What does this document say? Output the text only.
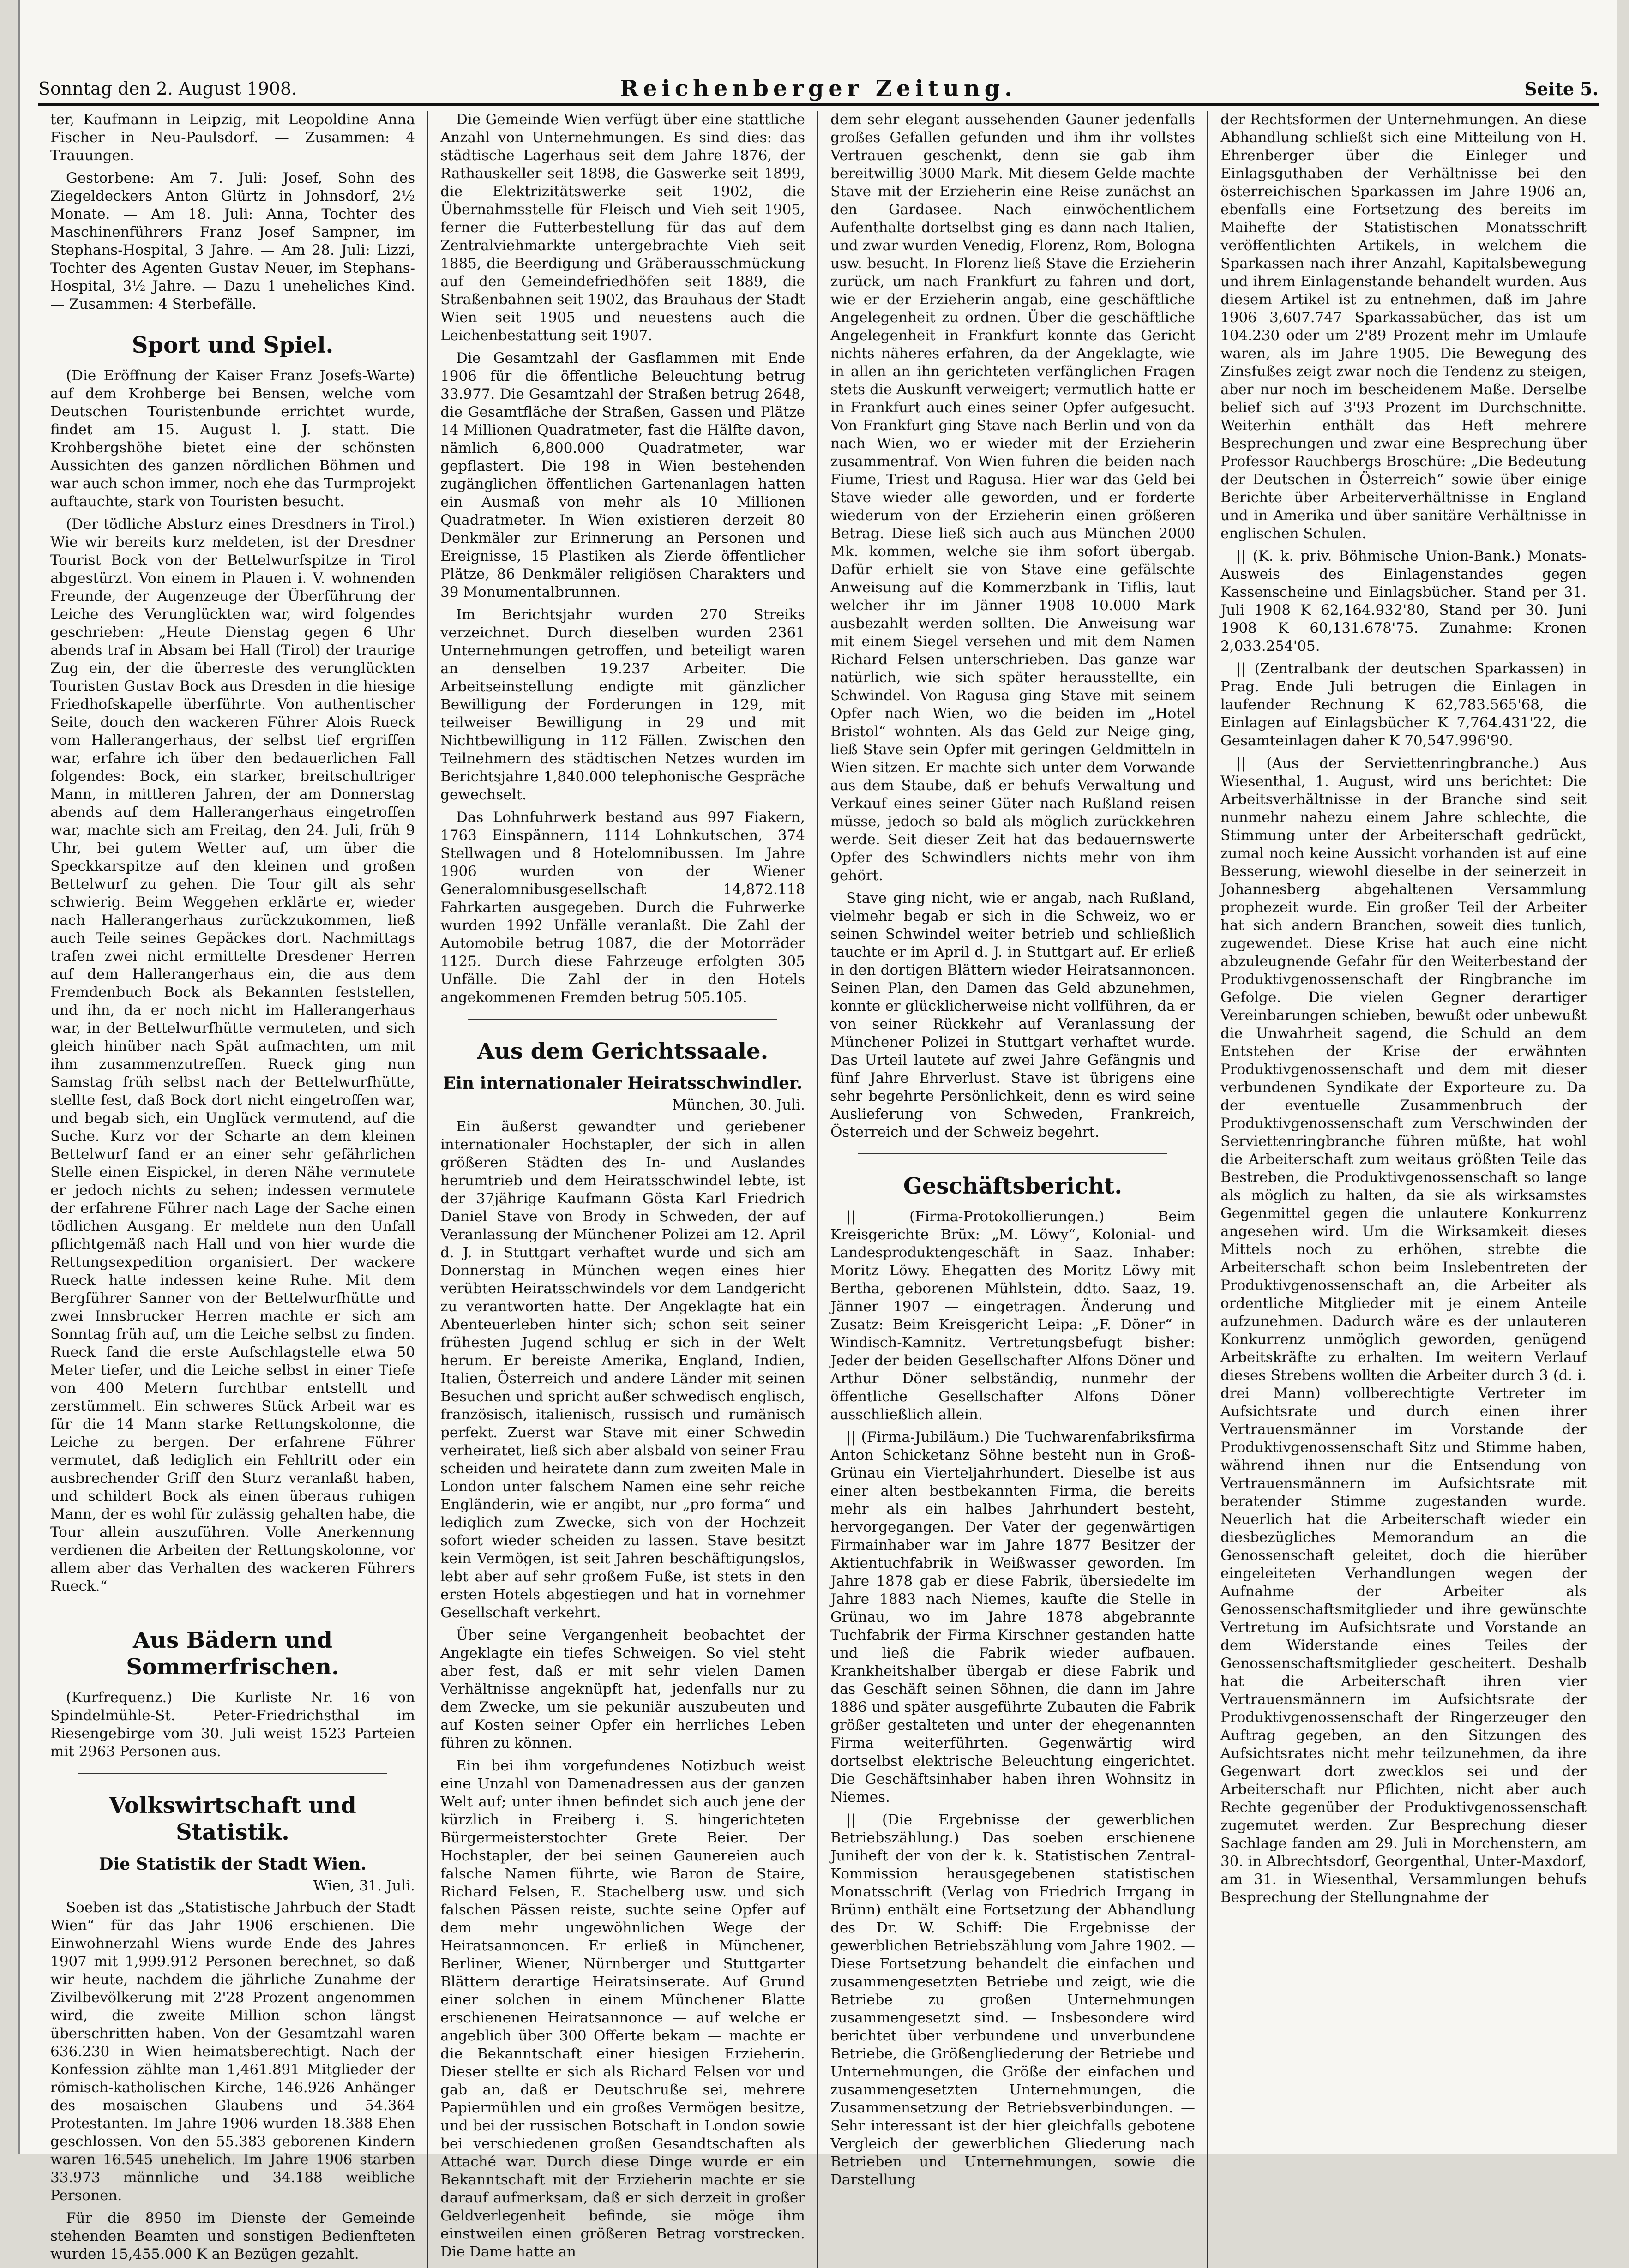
Sonntag den 2. August 1908.	Reichenberger Zeitung.	Seite 5.

ter, Kaufmann in Leipzig, mit Leopoldine Anna Fischer in Neu-Paulsdorf. — Zusammen: 4 Trauungen.

Gestorbene: Am 7. Juli: Josef, Sohn des Ziegeldeckers Anton Glürtz in Johnsdorf, 2½ Monate. — Am 18. Juli: Anna, Tochter des Maschinenführers Franz Josef Sampner, im Stephans-Hospital, 3 Jahre. — Am 28. Juli: Lizzi, Tochter des Agenten Gustav Neuer, im Stephans-Hospital, 3½ Jahre. — Dazu 1 uneheliches Kind. — Zusammen: 4 Sterbefälle.

Sport und Spiel.

(Die Eröffnung der Kaiser Franz Josefs-Warte) auf dem Krohberge bei Bensen, welche vom Deutschen Touristenbunde errichtet wurde, findet am 15. August l. J. statt. Die Krohbergshöhe bietet eine der schönsten Aussichten des ganzen nördlichen Böhmen und war auch schon immer, noch ehe das Turmprojekt auftauchte, stark von Touristen besucht.

(Der tödliche Absturz eines Dresdners in Tirol.) Wie wir bereits kurz meldeten, ist der Dresdner Tourist Bock von der Bettelwurfspitze in Tirol abgestürzt. Von einem in Plauen i. V. wohnenden Freunde, der Augenzeuge der Überführung der Leiche des Verunglückten war, wird folgendes geschrieben: „Heute Dienstag gegen 6 Uhr abends traf in Absam bei Hall (Tirol) der traurige Zug ein, der die überreste des verunglückten Touristen Gustav Bock aus Dresden in die hiesige Friedhofskapelle überführte. Von authentischer Seite, douch den wackeren Führer Alois Rueck vom Hallerangerhaus, der selbst tief ergriffen war, erfahre ich über den bedauerlichen Fall folgendes: Bock, ein starker, breitschultriger Mann, in mittleren Jahren, der am Donnerstag abends auf dem Hallerangerhaus eingetroffen war, machte sich am Freitag, den 24. Juli, früh 9 Uhr, bei gutem Wetter auf, um über die Speckkarspitze auf den kleinen und großen Bettelwurf zu gehen. Die Tour gilt als sehr schwierig. Beim Weggehen erklärte er, wieder nach Hallerangerhaus zurückzukommen, ließ auch Teile seines Gepäckes dort. Nachmittags trafen zwei nicht ermittelte Dresdener Herren auf dem Hallerangerhaus ein, die aus dem Fremdenbuch Bock als Bekannten feststellen, und ihn, da er noch nicht im Hallerangerhaus war, in der Bettelwurfhütte vermuteten, und sich gleich hinüber nach Spät aufmachten, um mit ihm zusammenzutreffen. Rueck ging nun Samstag früh selbst nach der Bettelwurfhütte, stellte fest, daß Bock dort nicht eingetroffen war, und begab sich, ein Unglück vermutend, auf die Suche. Kurz vor der Scharte an dem kleinen Bettelwurf fand er an einer sehr gefährlichen Stelle einen Eispickel, in deren Nähe vermutete er jedoch nichts zu sehen; indessen vermutete der erfahrene Führer nach Lage der Sache einen tödlichen Ausgang. Er meldete nun den Unfall pflichtgemäß nach Hall und von hier wurde die Rettungsexpedition organisiert. Der wackere Rueck hatte indessen keine Ruhe. Mit dem Bergführer Sanner von der Bettelwurfhütte und zwei Innsbrucker Herren machte er sich am Sonntag früh auf, um die Leiche selbst zu finden. Rueck fand die erste Aufschlagstelle etwa 50 Meter tiefer, und die Leiche selbst in einer Tiefe von 400 Metern furchtbar entstellt und zerstümmelt. Ein schweres Stück Arbeit war es für die 14 Mann starke Rettungskolonne, die Leiche zu bergen. Der erfahrene Führer vermutet, daß lediglich ein Fehltritt oder ein ausbrechender Griff den Sturz veranlaßt haben, und schildert Bock als einen überaus ruhigen Mann, der es wohl für zulässig gehalten habe, die Tour allein auszuführen. Volle Anerkennung verdienen die Arbeiten der Rettungskolonne, vor allem aber das Verhalten des wackeren Führers Rueck.“

Aus Bädern und Sommerfrischen.

(Kurfrequenz.) Die Kurliste Nr. 16 von Spindelmühle-St. Peter-Friedrichsthal im Riesengebirge vom 30. Juli weist 1523 Parteien mit 2963 Personen aus.

Volkswirtschaft und Statistik.
Die Statistik der Stadt Wien.
Wien, 31. Juli.

Soeben ist das „Statistische Jahrbuch der Stadt Wien“ für das Jahr 1906 erschienen. Die Einwohnerzahl Wiens wurde Ende des Jahres 1907 mit 1,999.912 Personen berechnet, so daß wir heute, nachdem die jährliche Zunahme der Zivilbevölkerung mit 2'28 Prozent angenommen wird, die zweite Million schon längst überschritten haben. Von der Gesamtzahl waren 636.230 in Wien heimatsberechtigt. Nach der Konfession zählte man 1,461.891 Mitglieder der römisch-katholischen Kirche, 146.926 Anhänger des mosaischen Glaubens und 54.364 Protestanten. Im Jahre 1906 wurden 18.388 Ehen geschlossen. Von den 55.383 geborenen Kindern waren 16.545 unehelich. Im Jahre 1906 starben 33.973 männliche und 34.188 weibliche Personen.

Für die 8950 im Dienste der Gemeinde stehenden Beamten und sonstigen Bedienfteten wurden 15,455.000 K an Bezügen gezahlt.

Die Gemeinde Wien verfügt über eine stattliche Anzahl von Unternehmungen. Es sind dies: das städtische Lagerhaus seit dem Jahre 1876, der Rathauskeller seit 1898, die Gaswerke seit 1899, die Elektrizitätswerke seit 1902, die Übernahmsstelle für Fleisch und Vieh seit 1905, ferner die Futterbestellung für das auf dem Zentralviehmarkte untergebrachte Vieh seit 1885, die Beerdigung und Gräberausschmückung auf den Gemeindefriedhöfen seit 1889, die Straßenbahnen seit 1902, das Brauhaus der Stadt Wien seit 1905 und neuestens auch die Leichenbestattung seit 1907.

Die Gesamtzahl der Gasflammen mit Ende 1906 für die öffentliche Beleuchtung betrug 33.977. Die Gesamtzahl der Straßen betrug 2648, die Gesamtfläche der Straßen, Gassen und Plätze 14 Millionen Quadratmeter, fast die Hälfte davon, nämlich 6,800.000 Quadratmeter, war gepflastert. Die 198 in Wien bestehenden zugänglichen öffentlichen Gartenanlagen hatten ein Ausmaß von mehr als 10 Millionen Quadratmeter. In Wien existieren derzeit 80 Denkmäler zur Erinnerung an Personen und Ereignisse, 15 Plastiken als Zierde öffentlicher Plätze, 86 Denkmäler religiösen Charakters und 39 Monumentalbrunnen.

Im Berichtsjahr wurden 270 Streiks verzeichnet. Durch dieselben wurden 2361 Unternehmungen getroffen, und beteiligt waren an denselben 19.237 Arbeiter. Die Arbeitseinstellung endigte mit gänzlicher Bewilligung der Forderungen in 129, mit teilweiser Bewilligung in 29 und mit Nichtbewilligung in 112 Fällen. Zwischen den Teilnehmern des städtischen Netzes wurden im Berichtsjahre 1,840.000 telephonische Gespräche gewechselt.

Das Lohnfuhrwerk bestand aus 997 Fiakern, 1763 Einspännern, 1114 Lohnkutschen, 374 Stellwagen und 8 Hotelomnibussen. Im Jahre 1906 wurden von der Wiener Generalomnibusgesellschaft 14,872.118 Fahrkarten ausgegeben. Durch die Fuhrwerke wurden 1992 Unfälle veranlaßt. Die Zahl der Automobile betrug 1087, die der Motorräder 1125. Durch diese Fahrzeuge erfolgten 305 Unfälle. Die Zahl der in den Hotels angekommenen Fremden betrug 505.105.

Aus dem Gerichtssaale.
Ein internationaler Heiratsschwindler.
München, 30. Juli.

Ein äußerst gewandter und geriebener internationaler Hochstapler, der sich in allen größeren Städten des In- und Auslandes herumtrieb und dem Heiratsschwindel lebte, ist der 37jährige Kaufmann Gösta Karl Friedrich Daniel Stave von Brody in Schweden, der auf Veranlassung der Münchener Polizei am 12. April d. J. in Stuttgart verhaftet wurde und sich am Donnerstag in München wegen eines hier verübten Heiratsschwindels vor dem Landgericht zu verantworten hatte. Der Angeklagte hat ein Abenteuerleben hinter sich; schon seit seiner frühesten Jugend schlug er sich in der Welt herum. Er bereiste Amerika, England, Indien, Italien, Österreich und andere Länder mit seinen Besuchen und spricht außer schwedisch englisch, französisch, italienisch, russisch und rumänisch perfekt. Zuerst war Stave mit einer Schwedin verheiratet, ließ sich aber alsbald von seiner Frau scheiden und heiratete dann zum zweiten Male in London unter falschem Namen eine sehr reiche Engländerin, wie er angibt, nur „pro forma“ und lediglich zum Zwecke, sich von der Hochzeit sofort wieder scheiden zu lassen. Stave besitzt kein Vermögen, ist seit Jahren beschäftigungslos, lebt aber auf sehr großem Fuße, ist stets in den ersten Hotels abgestiegen und hat in vornehmer Gesellschaft verkehrt.

Über seine Vergangenheit beobachtet der Angeklagte ein tiefes Schweigen. So viel steht aber fest, daß er mit sehr vielen Damen Verhältnisse angeknüpft hat, jedenfalls nur zu dem Zwecke, um sie pekuniär auszubeuten und auf Kosten seiner Opfer ein herrliches Leben führen zu können.

Ein bei ihm vorgefundenes Notizbuch weist eine Unzahl von Damenadressen aus der ganzen Welt auf; unter ihnen befindet sich auch jene der kürzlich in Freiberg i. S. hingerichteten Bürgermeisterstochter Grete Beier. Der Hochstapler, der bei seinen Gaunereien auch falsche Namen führte, wie Baron de Staire, Richard Felsen, E. Stachelberg usw. und sich falschen Pässen reiste, suchte seine Opfer auf dem mehr ungewöhnlichen Wege der Heiratsannoncen. Er erließ in Münchener, Berliner, Wiener, Nürnberger und Stuttgarter Blättern derartige Heiratsinserate. Auf Grund einer solchen in einem Münchener Blatte erschienenen Heiratsannonce — auf welche er angeblich über 300 Offerte bekam — machte er die Bekanntschaft einer hiesigen Erzieherin. Dieser stellte er sich als Richard Felsen vor und gab an, daß er Deutschruße sei, mehrere Papiermühlen und ein großes Vermögen besitze, und bei der russischen Botschaft in London sowie bei verschiedenen großen Gesandtschaften als Attaché war. Durch diese Dinge wurde er ein Bekanntschaft mit der Erzieherin machte er sie darauf aufmerksam, daß er sich derzeit in großer Geldverlegenheit befinde, sie möge ihm einstweilen einen größeren Betrag vorstrecken. Die Dame hatte an

dem sehr elegant aussehenden Gauner jedenfalls großes Gefallen gefunden und ihm ihr vollstes Vertrauen geschenkt, denn sie gab ihm bereitwillig 3000 Mark. Mit diesem Gelde machte Stave mit der Erzieherin eine Reise zunächst an den Gardasee. Nach einwöchentlichem Aufenthalte dortselbst ging es dann nach Italien, und zwar wurden Venedig, Florenz, Rom, Bologna usw. besucht. In Florenz ließ Stave die Erzieherin zurück, um nach Frankfurt zu fahren und dort, wie er der Erzieherin angab, eine geschäftliche Angelegenheit zu ordnen. Über die geschäftliche Angelegenheit in Frankfurt konnte das Gericht nichts näheres erfahren, da der Angeklagte, wie in allen an ihn gerichteten verfänglichen Fragen stets die Auskunft verweigert; vermutlich hatte er in Frankfurt auch eines seiner Opfer aufgesucht. Von Frankfurt ging Stave nach Berlin und von da nach Wien, wo er wieder mit der Erzieherin zusammentraf. Von Wien fuhren die beiden nach Fiume, Triest und Ragusa. Hier war das Geld bei Stave wieder alle geworden, und er forderte wiederum von der Erzieherin einen größeren Betrag. Diese ließ sich auch aus München 2000 Mk. kommen, welche sie ihm sofort übergab. Dafür erhielt sie von Stave eine gefälschte Anweisung auf die Kommerzbank in Tiflis, laut welcher ihr im Jänner 1908 10.000 Mark ausbezahlt werden sollten. Die Anweisung war mit einem Siegel versehen und mit dem Namen Richard Felsen unterschrieben. Das ganze war natürlich, wie sich später herausstellte, ein Schwindel. Von Ragusa ging Stave mit seinem Opfer nach Wien, wo die beiden im „Hotel Bristol“ wohnten. Als das Geld zur Neige ging, ließ Stave sein Opfer mit geringen Geldmitteln in Wien sitzen. Er machte sich unter dem Vorwande aus dem Staube, daß er behufs Verwaltung und Verkauf eines seiner Güter nach Rußland reisen müsse, jedoch so bald als möglich zurückkehren werde. Seit dieser Zeit hat das bedauernswerte Opfer des Schwindlers nichts mehr von ihm gehört.

Stave ging nicht, wie er angab, nach Rußland, vielmehr begab er sich in die Schweiz, wo er seinen Schwindel weiter betrieb und schließlich tauchte er im April d. J. in Stuttgart auf. Er erließ in den dortigen Blättern wieder Heiratsannoncen. Seinen Plan, den Damen das Geld abzunehmen, konnte er glücklicherweise nicht vollführen, da er von seiner Rückkehr auf Veranlassung der Münchener Polizei in Stuttgart verhaftet wurde. Das Urteil lautete auf zwei Jahre Gefängnis und fünf Jahre Ehrverlust. Stave ist übrigens eine sehr begehrte Persönlichkeit, denn es wird seine Auslieferung von Schweden, Frankreich, Österreich und der Schweiz begehrt.

Geschäftsbericht.

|| (Firma-Protokollierungen.) Beim Kreisgerichte Brüx: „M. Löwy“, Kolonial- und Landesproduktengeschäft in Saaz. Inhaber: Moritz Löwy. Ehegatten des Moritz Löwy mit Bertha, geborenen Mühlstein, ddto. Saaz, 19. Jänner 1907 — eingetragen. Änderung und Zusatz: Beim Kreisgericht Leipa: „F. Döner“ in Windisch-Kamnitz. Vertretungsbefugt bisher: Jeder der beiden Gesellschafter Alfons Döner und Arthur Döner selbständig, nunmehr der öffentliche Gesellschafter Alfons Döner ausschließlich allein.

|| (Firma-Jubiläum.) Die Tuchwarenfabriksfirma Anton Schicketanz Söhne besteht nun in Groß-Grünau ein Vierteljahrhundert. Dieselbe ist aus einer alten bestbekannten Firma, die bereits mehr als ein halbes Jahrhundert besteht, hervorgegangen. Der Vater der gegenwärtigen Firmainhaber war im Jahre 1877 Besitzer der Aktientuchfabrik in Weißwasser geworden. Im Jahre 1878 gab er diese Fabrik, übersiedelte im Jahre 1883 nach Niemes, kaufte die Stelle in Grünau, wo im Jahre 1878 abgebrannte Tuchfabrik der Firma Kirschner gestanden hatte und ließ die Fabrik wieder aufbauen. Krankheitshalber übergab er diese Fabrik und das Geschäft seinen Söhnen, die dann im Jahre 1886 und später ausgeführte Zubauten die Fabrik größer gestalteten und unter der ehegenannten Firma weiterführten. Gegenwärtig wird dortselbst elektrische Beleuchtung eingerichtet. Die Geschäftsinhaber haben ihren Wohnsitz in Niemes.

|| (Die Ergebnisse der gewerblichen Betriebszählung.) Das soeben erschienene Juniheft der von der k. k. Statistischen Zentral-Kommission herausgegebenen statistischen Monatsschrift (Verlag von Friedrich Irrgang in Brünn) enthält eine Fortsetzung der Abhandlung des Dr. W. Schiff: Die Ergebnisse der gewerblichen Betriebszählung vom Jahre 1902. — Diese Fortsetzung behandelt die einfachen und zusammengesetzten Betriebe und zeigt, wie die Betriebe zu großen Unternehmungen zusammengesetzt sind. — Insbesondere wird berichtet über verbundene und unverbundene Betriebe, die Größengliederung der Betriebe und Unternehmungen, die Größe der einfachen und zusammengesetzten Unternehmungen, die Zusammensetzung der Betriebsverbindungen. — Sehr interessant ist der hier gleichfalls gebotene Vergleich der gewerblichen Gliederung nach Betrieben und Unternehmungen, sowie die Darstellung

der Rechtsformen der Unternehmungen. An diese Abhandlung schließt sich eine Mitteilung von H. Ehrenberger über die Einleger und Einlagsguthaben der Verhältnisse bei den österreichischen Sparkassen im Jahre 1906 an, ebenfalls eine Fortsetzung des bereits im Maihefte der Statistischen Monatsschrift veröffentlichten Artikels, in welchem die Sparkassen nach ihrer Anzahl, Kapitalsbewegung und ihrem Einlagenstande behandelt wurden. Aus diesem Artikel ist zu entnehmen, daß im Jahre 1906 3,607.747 Sparkassabücher, das ist um 104.230 oder um 2'89 Prozent mehr im Umlaufe waren, als im Jahre 1905. Die Bewegung des Zinsfußes zeigt zwar noch die Tendenz zu steigen, aber nur noch im bescheidenem Maße. Derselbe belief sich auf 3'93 Prozent im Durchschnitte. Weiterhin enthält das Heft mehrere Besprechungen und zwar eine Besprechung über Professor Rauchbergs Broschüre: „Die Bedeutung der Deutschen in Österreich“ sowie über einige Berichte über Arbeiterverhältnisse in England und in Amerika und über sanitäre Verhältnisse in englischen Schulen.

|| (K. k. priv. Böhmische Union-Bank.) Monats-Ausweis des Einlagenstandes gegen Kassenscheine und Einlagsbücher. Stand per 31. Juli 1908 K 62,164.932'80, Stand per 30. Juni 1908 K 60,131.678'75. Zunahme: Kronen 2,033.254'05.

|| (Zentralbank der deutschen Sparkassen) in Prag. Ende Juli betrugen die Einlagen in laufender Rechnung K 62,783.565'68, die Einlagen auf Einlagsbücher K 7,764.431'22, die Gesamteinlagen daher K 70,547.996'90.

|| (Aus der Serviettenringbranche.) Aus Wiesenthal, 1. August, wird uns berichtet: Die Arbeitsverhältnisse in der Branche sind seit nunmehr nahezu einem Jahre schlechte, die Stimmung unter der Arbeiterschaft gedrückt, zumal noch keine Aussicht vorhanden ist auf eine Besserung, wiewohl dieselbe in der seinerzeit in Johannesberg abgehaltenen Versammlung prophezeit wurde. Ein großer Teil der Arbeiter hat sich andern Branchen, soweit dies tunlich, zugewendet. Diese Krise hat auch eine nicht abzuleugnende Gefahr für den Weiterbestand der Produktivgenossenschaft der Ringbranche im Gefolge. Die vielen Gegner derartiger Vereinbarungen schieben, bewußt oder unbewußt die Unwahrheit sagend, die Schuld an dem Entstehen der Krise der erwähnten Produktivgenossenschaft und dem mit dieser verbundenen Syndikate der Exporteure zu. Da der eventuelle Zusammenbruch der Produktivgenossenschaft zum Verschwinden der Serviettenringbranche führen müßte, hat wohl die Arbeiterschaft zum weitaus größten Teile das Bestreben, die Produktivgenossenschaft so lange als möglich zu halten, da sie als wirksamstes Gegenmittel gegen die unlautere Konkurrenz angesehen wird. Um die Wirksamkeit dieses Mittels noch zu erhöhen, strebte die Arbeiterschaft schon beim Inslebentreten der Produktivgenossenschaft an, die Arbeiter als ordentliche Mitglieder mit je einem Anteile aufzunehmen. Dadurch wäre es der unlauteren Konkurrenz unmöglich geworden, genügend Arbeitskräfte zu erhalten. Im weitern Verlauf dieses Strebens wollten die Arbeiter durch 3 (d. i. drei Mann) vollberechtigte Vertreter im Aufsichtsrate und durch einen ihrer Vertrauensmänner im Vorstande der Produktivgenossenschaft Sitz und Stimme haben, während ihnen nur die Entsendung von Vertrauensmännern im Aufsichtsrate mit beratender Stimme zugestanden wurde. Neuerlich hat die Arbeiterschaft wieder ein diesbezügliches Memorandum an die Genossenschaft geleitet, doch die hierüber eingeleiteten Verhandlungen wegen der Aufnahme der Arbeiter als Genossenschaftsmitglieder und ihre gewünschte Vertretung im Aufsichtsrate und Vorstande an dem Widerstande eines Teiles der Genossenschaftsmitglieder gescheitert. Deshalb hat die Arbeiterschaft ihren vier Vertrauensmännern im Aufsichtsrate der Produktivgenossenschaft der Ringerzeuger den Auftrag gegeben, an den Sitzungen des Aufsichtsrates nicht mehr teilzunehmen, da ihre Gegenwart dort zwecklos sei und der Arbeiterschaft nur Pflichten, nicht aber auch Rechte gegenüber der Produktivgenossenschaft zugemutet werden. Zur Besprechung dieser Sachlage fanden am 29. Juli in Morchenstern, am 30. in Albrechtsdorf, Georgenthal, Unter-Maxdorf, am 31. in Wiesenthal, Versammlungen behufs Besprechung der Stellungnahme der
